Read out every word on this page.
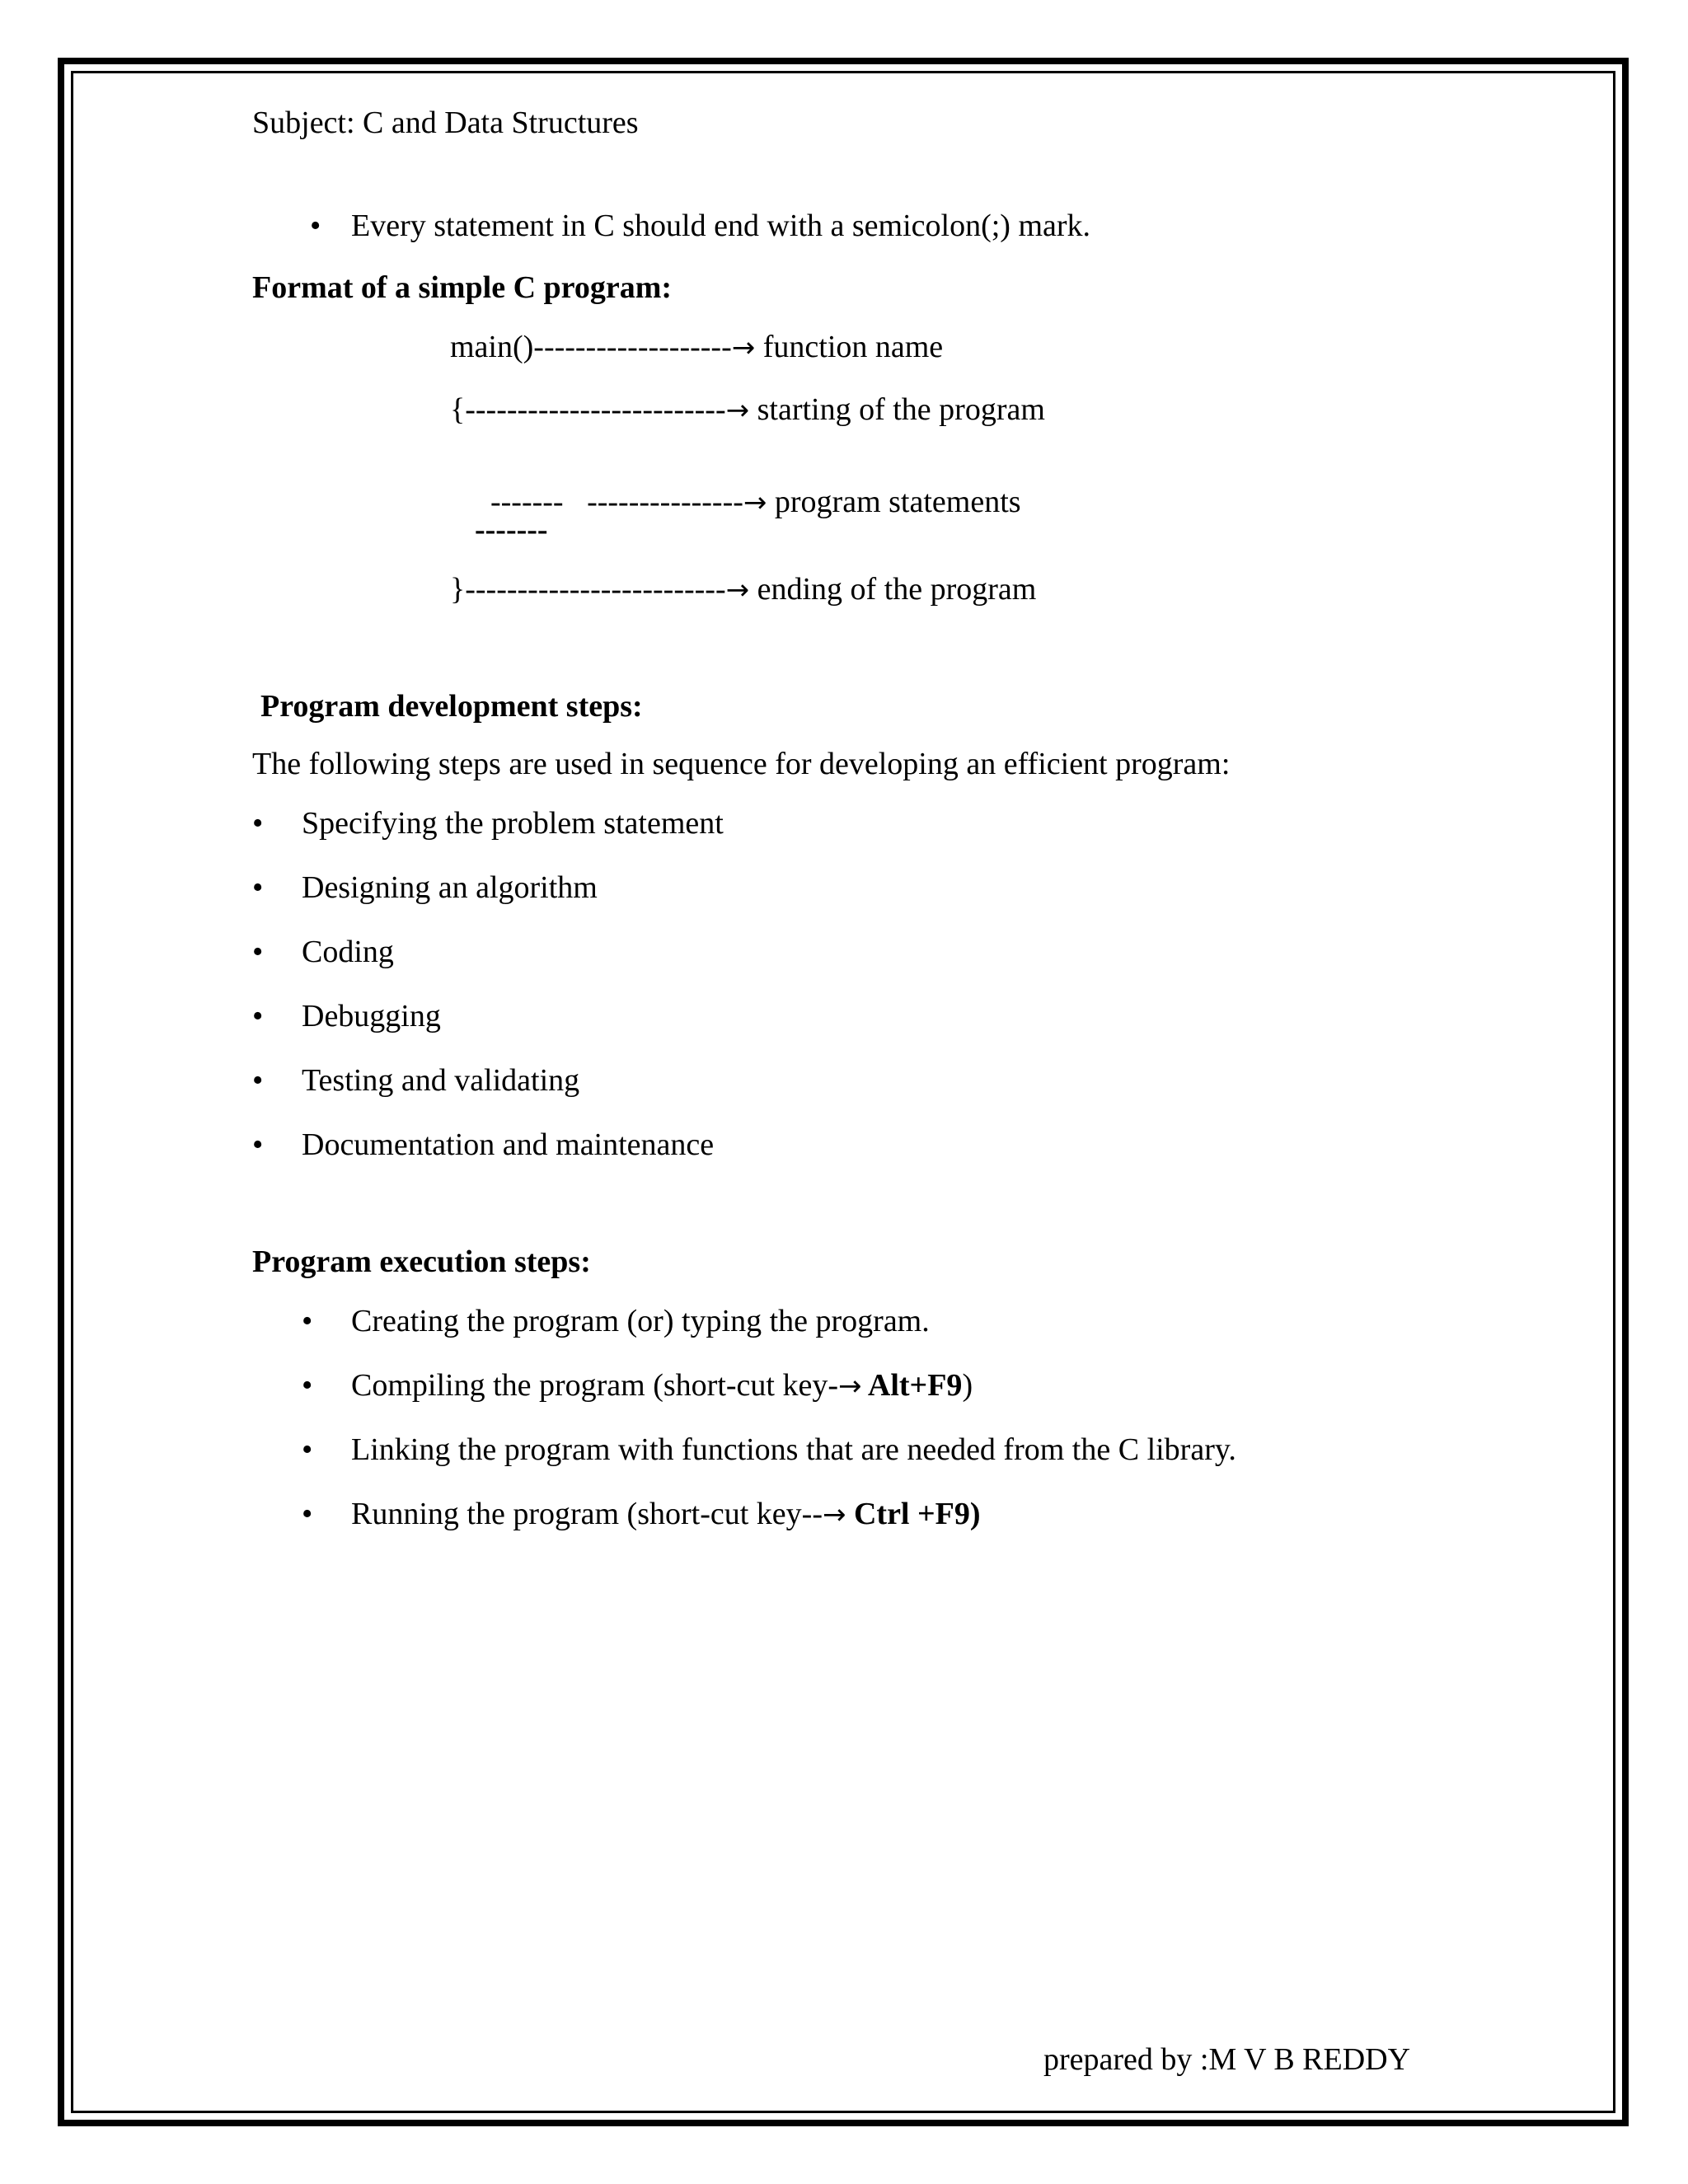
Subject: C and Data Structures
• Every statement in C should end with a semicolon(;) mark.
Format of a simple C program:
main()-------------------→ function name
{-------------------------→ starting of the program

-------   ---------------→ program statements

-------
}-------------------------→ ending of the program
Program development steps:
The following steps are used in sequence for developing an efficient program:
• Specifying the problem statement
• Designing an algorithm
• Coding
• Debugging
• Testing and validating
• Documentation and maintenance
Program execution steps:
• Creating the program (or) typing the program.
• Compiling the program (short-cut key-→ Alt+F9)
• Linking the program with functions that are needed from the C library.
• Running the program (short-cut key--→ Ctrl +F9)
prepared by :M V B REDDY
